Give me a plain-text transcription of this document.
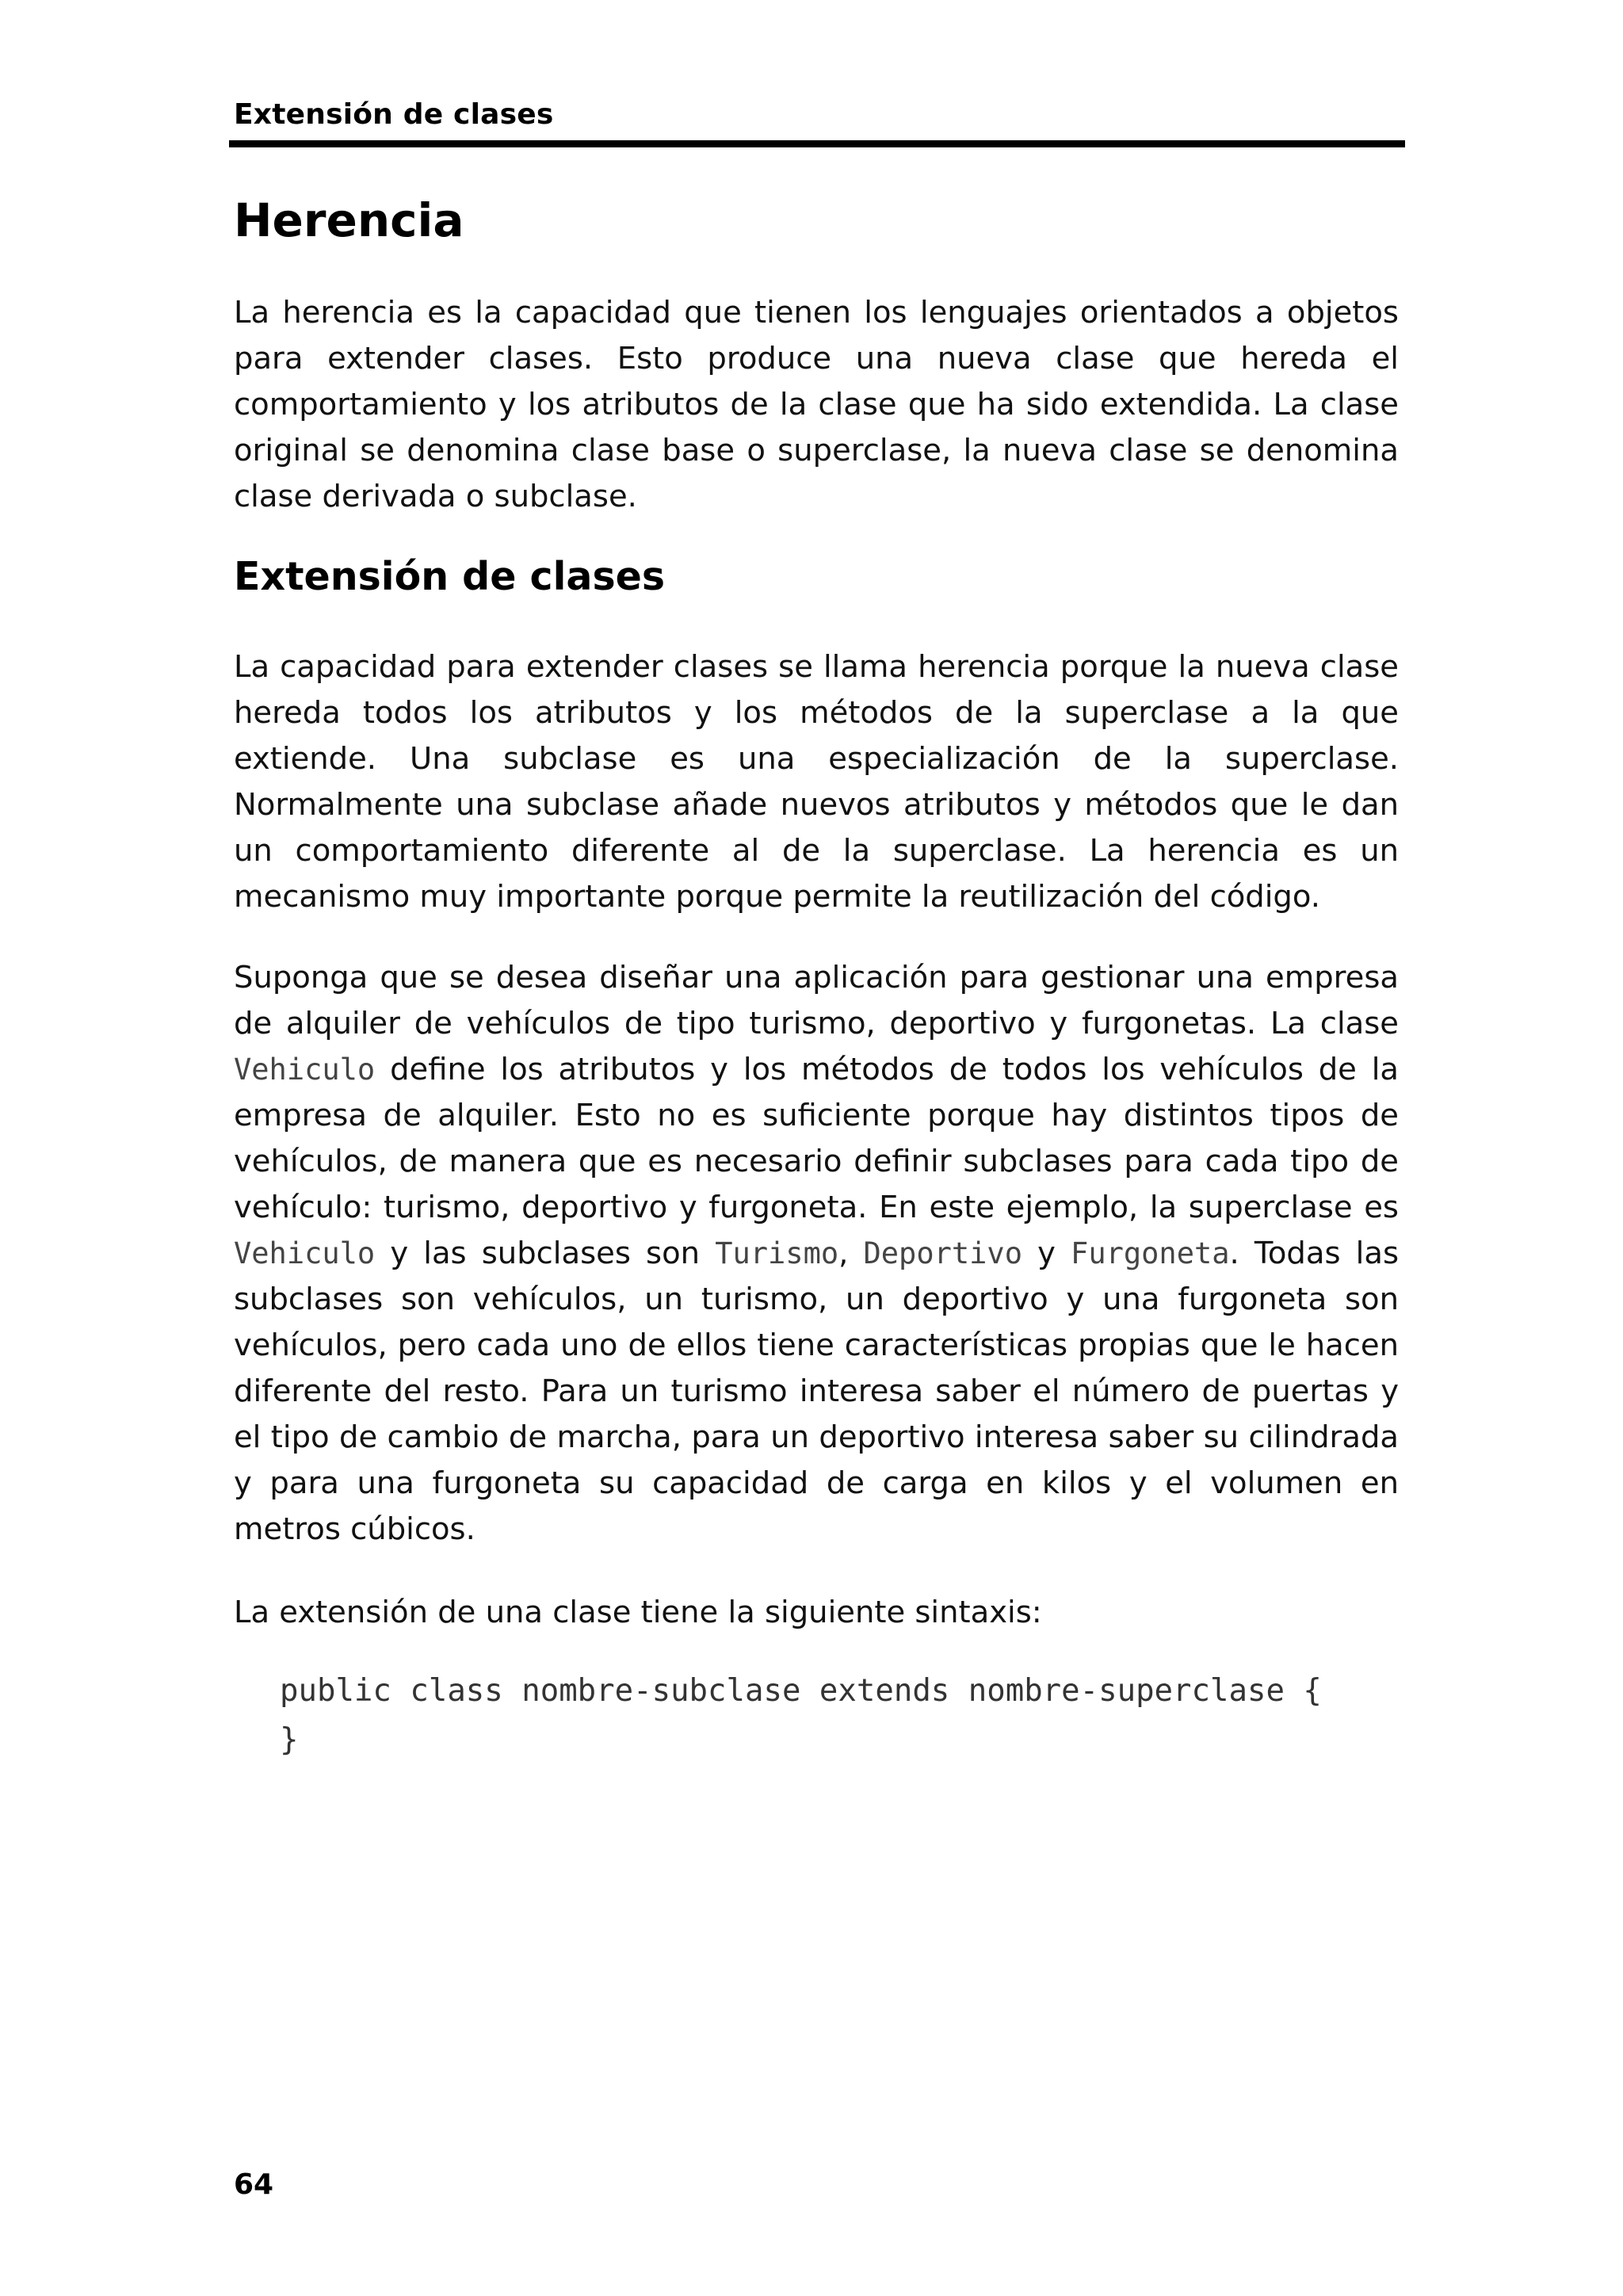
Extensión de clases
Herencia

La herencia es la capacidad que tienen los lenguajes orientados a objetos para extender clases. Esto produce una nueva clase que hereda el comportamiento y los atributos de la clase que ha sido extendida. La clase original se denomina clase base o superclase, la nueva clase se denomina clase derivada o subclase.

Extensión de clases

La capacidad para extender clases se llama herencia porque la nueva clase hereda todos los atributos y los métodos de la superclase a la que extiende. Una subclase es una especialización de la superclase. Normalmente una subclase añade nuevos atributos y métodos que le dan un comportamiento diferente al de la superclase. La herencia es un mecanismo muy importante porque permite la reutilización del código.

Suponga que se desea diseñar una aplicación para gestionar una empresa de alquiler de vehículos de tipo turismo, deportivo y furgonetas. La clase Vehiculo define los atributos y los métodos de todos los vehículos de la empresa de alquiler. Esto no es suficiente porque hay distintos tipos de vehículos, de manera que es necesario definir subclases para cada tipo de vehículo: turismo, deportivo y furgoneta. En este ejemplo, la superclase es Vehiculo y las subclases son Turismo, Deportivo y Furgoneta. Todas las subclases son vehículos, un turismo, un deportivo y una furgoneta son vehículos, pero cada uno de ellos tiene características propias que le hacen diferente del resto. Para un turismo interesa saber el número de puertas y el tipo de cambio de marcha, para un deportivo interesa saber su cilindrada y para una furgoneta su capacidad de carga en kilos y el volumen en metros cúbicos.

La extensión de una clase tiene la siguiente sintaxis:

public class nombre-subclase extends nombre-superclase {
}
64
